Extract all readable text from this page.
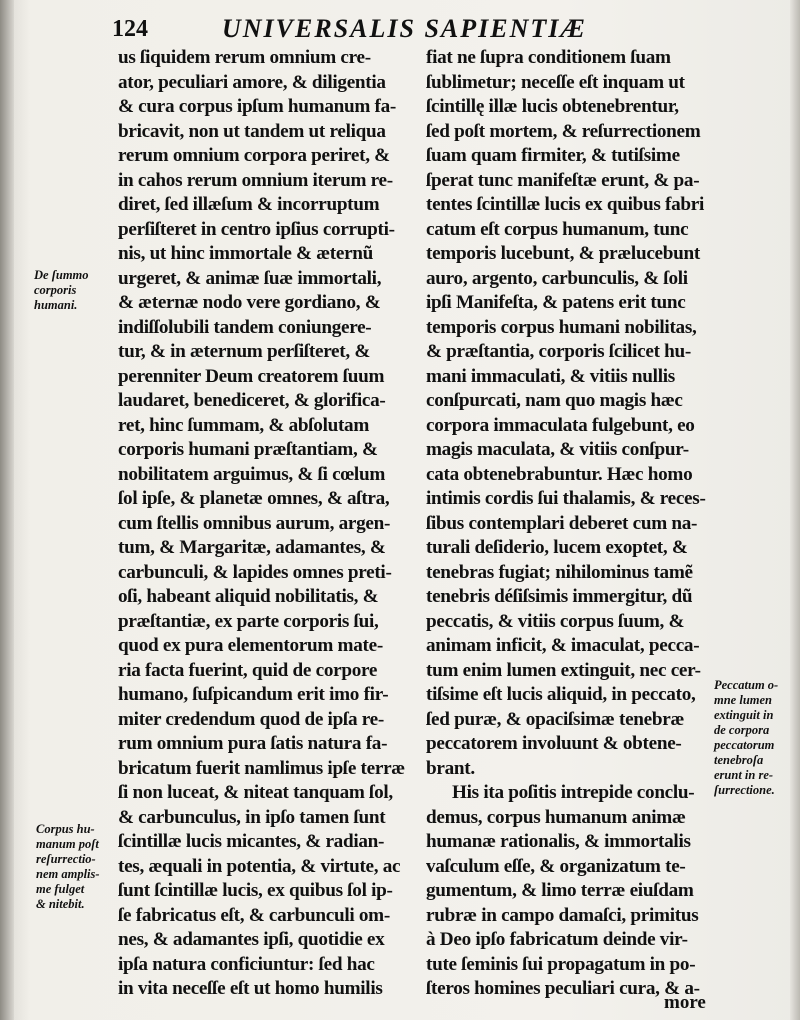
124	UNIVERSALIS SAPIENTIÆ
us ſiquidem rerum omnium cre-
ator, peculiari amore, & diligentia
& cura corpus ipſum humanum fa-
bricavit, non ut tandem ut reliqua
rerum omnium corpora periret, &
in cahos rerum omnium iterum re-
diret, ſed illæſum & incorruptum
perſiſteret in centro ipſius corrupti-
nis, ut hinc immortale & æternũ
urgeret, & animæ ſuæ immortali,
& æternæ nodo vere gordiano, &
indiſſolubili tandem coniungere-
tur, & in æternum perſiſteret, &
perenniter Deum creatorem ſuum
laudaret, benediceret, & glorifica-
ret, hinc ſummam, & abſolutam
corporis humani præſtantiam, &
nobilitatem arguimus, & ſi cœlum
ſol ipſe, & planetæ omnes, & aſtra,
cum ſtellis omnibus aurum, argen-
tum, & Margaritæ, adamantes, &
carbunculi, & lapides omnes preti-
oſi, habeant aliquid nobilitatis, &
præſtantiæ, ex parte corporis ſui,
quod ex pura elementorum mate-
ria facta fuerint, quid de corpore
humano, ſuſpicandum erit imo fir-
miter credendum quod de ipſa re-
rum omnium pura ſatis natura fa-
bricatum fuerit namlimus ipſe terræ
ſi non luceat, & niteat tanquam ſol,
& carbunculus, in ipſo tamen ſunt
ſcintillæ lucis micantes, & radian-
tes, æquali in potentia, & virtute, ac
ſunt ſcintillæ lucis, ex quibus ſol ip-
ſe fabricatus eſt, & carbunculi om-
nes, & adamantes ipſi, quotidie ex
ipſa natura conficiuntur: ſed hac
in vita neceſſe eſt ut homo humilis
fiat ne ſupra conditionem ſuam
ſublimetur; neceſſe eſt inquam ut
ſcintillę illæ lucis obtenebrentur,
ſed poſt mortem, & reſurrectionem
ſuam quam firmiter, & tutiſsime
ſperat tunc manifeſtæ erunt, & pa-
tentes ſcintillæ lucis ex quibus fabri
catum eſt corpus humanum, tunc
temporis lucebunt, & prælucebunt
auro, argento, carbunculis, & ſoli
ipſi Manifeſta, & patens erit tunc
temporis corpus humani nobilitas,
& præſtantia, corporis ſcilicet hu-
mani immaculati, & vitiis nullis
conſpurcati, nam quo magis hæc
corpora immaculata fulgebunt, eo
magis maculata, & vitiis conſpur-
cata obtenebrabuntur. Hæc homo
intimis cordis ſui thalamis, & reces-
ſibus contemplari deberet cum na-
turali deſiderio, lucem exoptet, &
tenebras fugiat; nihilominus tamẽ
tenebris déſiſsimis immergitur, dũ
peccatis, & vitiis corpus ſuum, &
animam inficit, & imaculat, pecca-
tum enim lumen extinguit, nec cer-
tiſsime eſt lucis aliquid, in peccato,
ſed puræ, & opaciſsimæ tenebræ
peccatorem involuunt & obtene-
brant.
His ita poſitis intrepide conclu-
demus, corpus humanum animæ
humanæ rationalis, & immortalis
vaſculum eſſe, & organizatum te-
gumentum, & limo terræ eiuſdam
rubræ in campo damaſci, primitus
à Deo ipſo fabricatum deinde vir-
tute ſeminis ſui propagatum in po-
ſteros homines peculiari cura, & a-
more
De ſummo
corporis
humani.
Corpus hu-
manum poſt
reſurrectio-
nem amplis-
me fulget
& nitebit.
Peccatum o-
mne lumen
extinguit in
de corpora
peccatorum
tenebroſa
erunt in re-
ſurrectione.
